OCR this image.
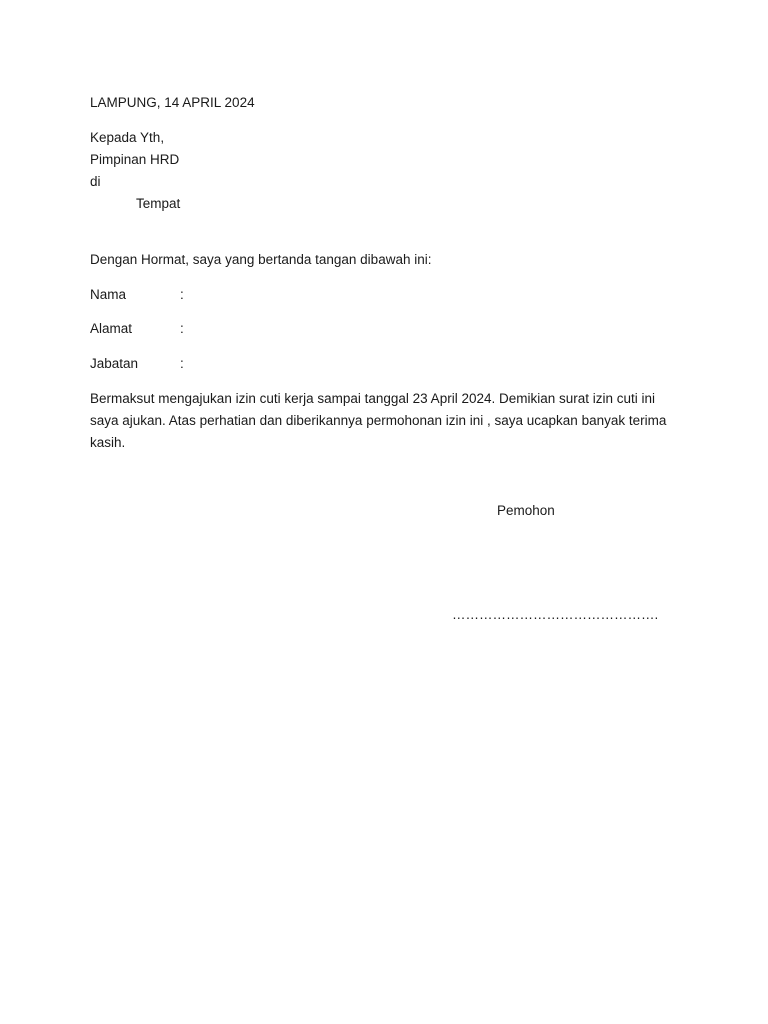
LAMPUNG, 14 APRIL 2024
Kepada Yth,
Pimpinan HRD
di
Tempat
Dengan Hormat, saya yang bertanda tangan dibawah ini:
Nama	:
Alamat	:
Jabatan	:
Bermaksut mengajukan izin cuti kerja sampai tanggal 23 April 2024. Demikian surat izin cuti ini
saya ajukan. Atas perhatian dan diberikannya permohonan izin ini , saya ucapkan banyak terima
kasih.
Pemohon
……………………………………….
